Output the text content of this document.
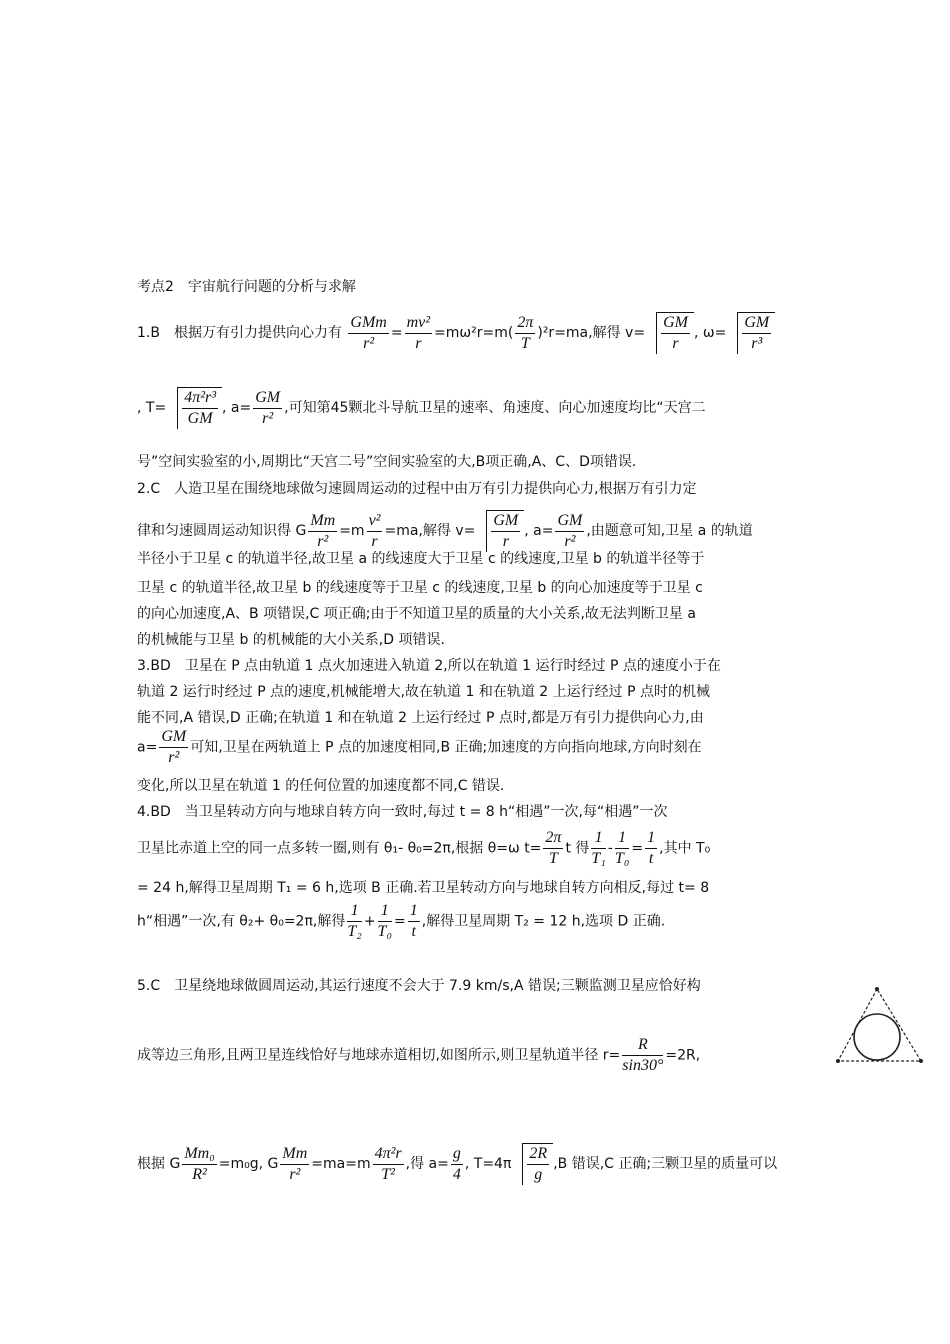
考点2　宇宙航行问题的分析与求解
1.B　根据万有引力提供向心力有 $\frac{\text{GMm}}{\text{r²}} = \frac{\text{mv²}}{r} =m\omega^2r=m( \frac{2\pi}{T} )^2r=ma$,解得 $v= \frac{GM}{r}$ , $\omega= \frac{GM}{\text{r³}}$
, $T= \frac{\text{4π²r³}}{GM}$ , $a= \frac{GM}{\text{r²}}$ ,可知第45颗北斗导航卫星的速率、角速度、向心加速度均比“天宫二
号”空间实验室的小,周期比“天宫二号”空间实验室的大,B项正确,A、C、D项错误.
2.C　人造卫星在围绕地球做匀速圆周运动的过程中由万有引力提供向心力,根据万有引力定
律和匀速圆周运动知识得 G $\frac{Mm}{\text{r²}} =m \frac{\text{v²}}{r} =ma$,解得 $v= \frac{GM}{r}$ , $a= \frac{GM}{\text{r²}}$ ,由题意可知,卫星 a 的轨道
半径小于卫星 c 的轨道半径,故卫星 a 的线速度大于卫星 c 的线速度,卫星 b 的轨道半径等于
卫星 c 的轨道半径,故卫星 b 的线速度等于卫星 c 的线速度,卫星 b 的向心加速度等于卫星 c
的向心加速度,A、B 项错误,C 项正确;由于不知道卫星的质量的大小关系,故无法判断卫星 a
的机械能与卫星 b 的机械能的大小关系,D 项错误.
3.BD　卫星在 P 点由轨道 1 点火加速进入轨道 2,所以在轨道 1 运行时经过 P 点的速度小于在
轨道 2 运行时经过 P 点的速度,机械能增大,故在轨道 1 和在轨道 2 上运行经过 P 点时的机械
能不同,A 错误,D 正确;在轨道 1 和在轨道 2 上运行经过 P 点时,都是万有引力提供向心力,由
$a= \frac{GM}{\text{r²}}$ 可知,卫星在两轨道上 P 点的加速度相同,B 正确;加速度的方向指向地球,方向时刻在
变化,所以卫星在轨道 1 的任何位置的加速度都不同,C 错误.
4.BD　当卫星转动方向与地球自转方向一致时,每过 t = 8 h“相遇”一次,每“相遇”一次
卫星比赤道上空的同一点多转一圈,则有 θ₁- θ₀=2π,根据 θ=ω $t= \frac{2\pi}{T}$ t 得 $\frac{1}{\text{T₁}} - \frac{1}{\text{T₀}} = \frac{1}{t}$ ,其中 T₀
= 24 h,解得卫星周期 T₁ = 6 h,选项 B 正确.若卫星转动方向与地球自转方向相反,每过 t= 8
h“相遇”一次,有 θ₂+ θ₀=2π,解得 $\frac{1}{\text{T₂}} + \frac{1}{\text{T₀}} = \frac{1}{t}$ ,解得卫星周期 T₂ = 12 h,选项 D 正确.
5.C　卫星绕地球做圆周运动,其运行速度不会大于 7.9 km/s,A 错误;三颗监测卫星应恰好构
成等边三角形,且两卫星连线恰好与地球赤道相切,如图所示,则卫星轨道半径 $r= \frac{R}{\sin 30^\circ} =2R$,
根据 G $\frac{\text{Mm₀}}{\text{R²}} =m_0g$, G $\frac{Mm}{\text{r²}} =ma=m \frac{\text{4π²r}}{\text{T²}}$ ,得 $a= \frac{g}{4}$ , $T=4\pi \frac{2R}{g} ,B$ 错误,C 正确;三颗卫星的质量可以
